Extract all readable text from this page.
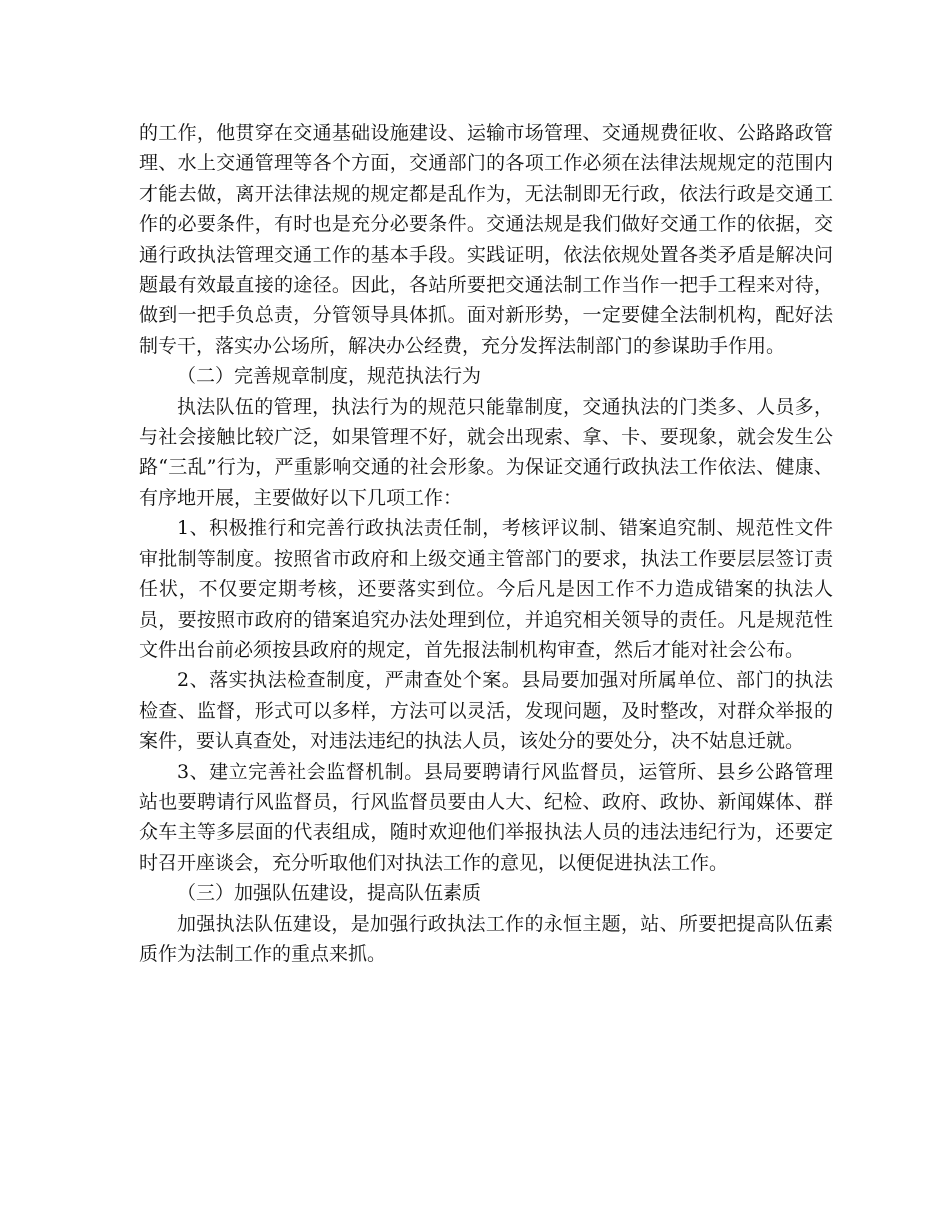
的工作，他贯穿在交通基础设施建设、运输市场管理、交通规费征收、公路路政管理、水上交通管理等各个方面，交通部门的各项工作必须在法律法规规定的范围内才能去做，离开法律法规的规定都是乱作为，无法制即无行政，依法行政是交通工作的必要条件，有时也是充分必要条件。交通法规是我们做好交通工作的依据，交通行政执法管理交通工作的基本手段。实践证明，依法依规处置各类矛盾是解决问题最有效最直接的途径。因此，各站所要把交通法制工作当作一把手工程来对待，做到一把手负总责，分管领导具体抓。面对新形势，一定要健全法制机构，配好法制专干，落实办公场所，解决办公经费，充分发挥法制部门的参谋助手作用。

（二）完善规章制度，规范执法行为

执法队伍的管理，执法行为的规范只能靠制度，交通执法的门类多、人员多，与社会接触比较广泛，如果管理不好，就会出现索、拿、卡、要现象，就会发生公路“三乱”行为，严重影响交通的社会形象。为保证交通行政执法工作依法、健康、有序地开展，主要做好以下几项工作：

1、积极推行和完善行政执法责任制，考核评议制、错案追究制、规范性文件审批制等制度。按照省市政府和上级交通主管部门的要求，执法工作要层层签订责任状，不仅要定期考核，还要落实到位。今后凡是因工作不力造成错案的执法人员，要按照市政府的错案追究办法处理到位，并追究相关领导的责任。凡是规范性文件出台前必须按县政府的规定，首先报法制机构审查，然后才能对社会公布。

2、落实执法检查制度，严肃查处个案。县局要加强对所属单位、部门的执法检查、监督，形式可以多样，方法可以灵活，发现问题，及时整改，对群众举报的案件，要认真查处，对违法违纪的执法人员，该处分的要处分，决不姑息迁就。

3、建立完善社会监督机制。县局要聘请行风监督员，运管所、县乡公路管理站也要聘请行风监督员，行风监督员要由人大、纪检、政府、政协、新闻媒体、群众车主等多层面的代表组成，随时欢迎他们举报执法人员的违法违纪行为，还要定时召开座谈会，充分听取他们对执法工作的意见，以便促进执法工作。

（三）加强队伍建设，提高队伍素质

加强执法队伍建设，是加强行政执法工作的永恒主题，站、所要把提高队伍素质作为法制工作的重点来抓。
